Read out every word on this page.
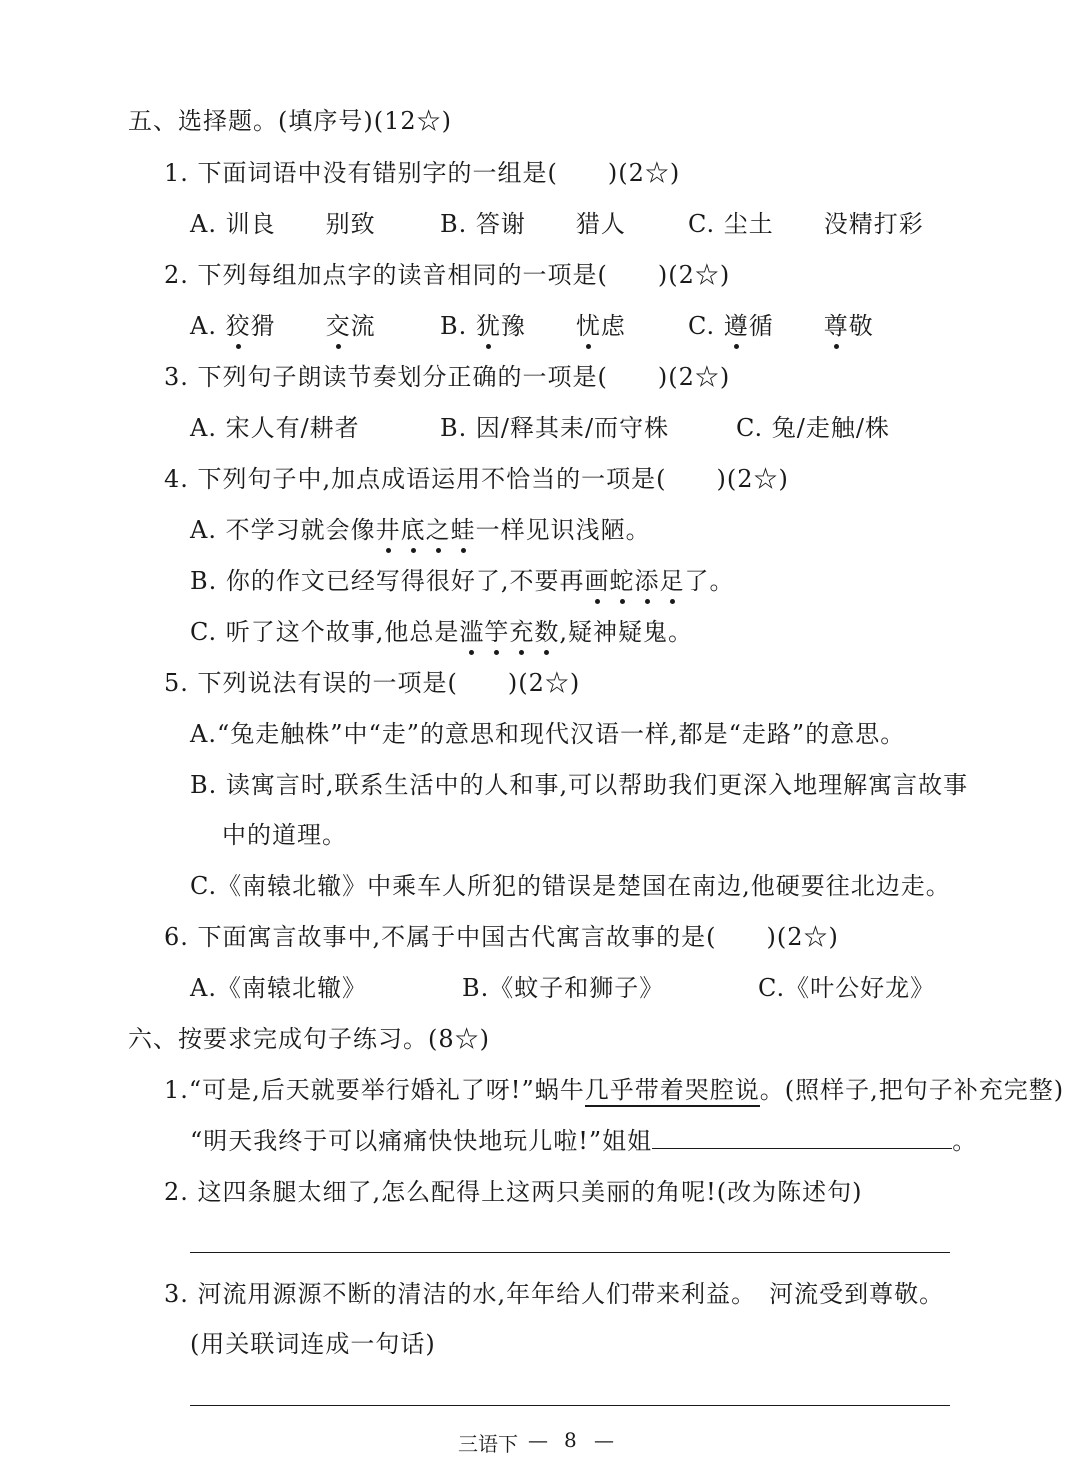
五、选择题。(填序号)(12☆)
1. 下面词语中没有错别字的一组是(　　)(2☆)
A. 训良　　别致	B. 答谢　　猎人	C. 尘土　　没精打彩
2. 下列每组加点字的读音相同的一项是(　　)(2☆)
A. 狡猾　　 交流	B. 犹豫　　 忧虑	C. 遵循　　 尊敬
3. 下列句子朗读节奏划分正确的一项是(　　)(2☆)
A. 宋人有/耕者	B. 因/释其耒/而守株	C. 兔/走触/株
4. 下列句子中,加点成语运用不恰当的一项是(　　)(2☆)
A. 不学习就会像井底之蛙一样见识浅陋。
B. 你的作文已经写得很好了,不要再画蛇添足了。
C. 听了这个故事,他总是滥竽充数,疑神疑鬼。
5. 下列说法有误的一项是(　　)(2☆)
A.“兔走触株”中“走”的意思和现代汉语一样,都是“走路”的意思。
B. 读寓言时,联系生活中的人和事,可以帮助我们更深入地理解寓言故事
中的道理。
C.《南辕北辙》中乘车人所犯的错误是楚国在南边,他硬要往北边走。
6. 下面寓言故事中,不属于中国古代寓言故事的是(　　)(2☆)
A.《南辕北辙》	B.《蚊子和狮子》	C.《叶公好龙》
六、按要求完成句子练习。(8☆)
1.“可是,后天就要举行婚礼了呀!”蜗牛几乎带着哭腔说。(照样子,把句子补充完整)
“明天我终于可以痛痛快快地玩儿啦!”姐姐	。
2. 这四条腿太细了,怎么配得上这两只美丽的角呢!(改为陈述句)
3. 河流用源源不断的清洁的水,年年给人们带来利益。　河流受到尊敬。
(用关联词连成一句话)
三语下 — 8 —
